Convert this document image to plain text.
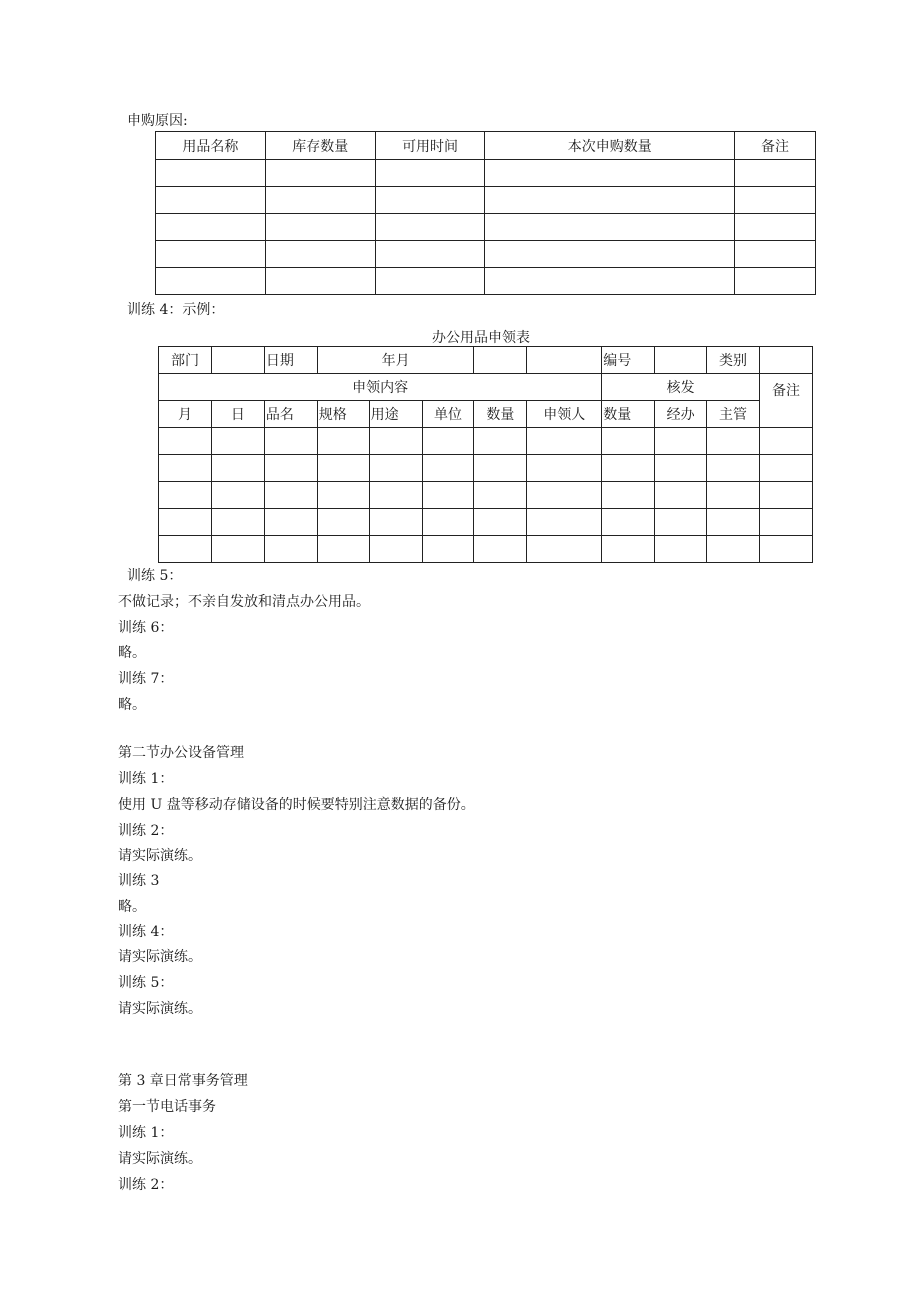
申购原因:
用品名称	库存数量	可用时间	本次申购数量	备注

训练 4：示例：
办公用品申领表
部门		日期	年月					编号		类别	
申领内容								核发			备注
月	日	品名	规格	用途	单位	数量	申领人	数量	经办	主管	

训练 5：
不做记录；不亲自发放和清点办公用品。
训练 6：
略。
训练 7：
略。
第二节办公设备管理
训练 1：
使用 U 盘等移动存储设备的时候要特别注意数据的备份。
训练 2：
请实际演练。
训练 3
略。
训练 4：
请实际演练。
训练 5：
请实际演练。
第 3 章日常事务管理
第一节电话事务
训练 1：
请实际演练。
训练 2：
